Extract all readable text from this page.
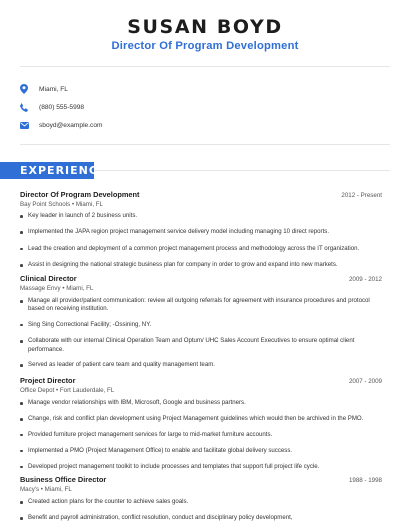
SUSAN BOYD
Director Of Program Development
Miami, FL
(880) 555-5998
sboyd@example.com
EXPERIENCE
Director Of Program Development	2012 - Present
Bay Point Schools • Miami, FL
Key leader in launch of 2 business units.
Implemented the JAPA region project management service delivery model including managing 10 direct reports.
Lead the creation and deployment of a common project management process and methodology across the IT organization.
Assist in designing the national strategic business plan for company in order to grow and expand into new markets.
Clinical Director	2009 - 2012
Massage Envy • Miami, FL
Manage all provider/patient communication: review all outgoing referrals for agreement with insurance procedures and protocol based on receiving institution.
Sing Sing Correctional Facility; -Ossining, NY.
Collaborate with our internal Clinical Operation Team and Optum/ UHC Sales Account Executives to ensure optimal client performance.
Served as leader of patient care team and quality management team.
Project Director	2007 - 2009
Office Depot • Fort Lauderdale, FL
Manage vendor relationships with IBM, Microsoft, Google and business partners.
Change, risk and conflict plan development using Project Management guidelines which would then be archived in the PMO.
Provided furniture project management services for large to mid-market furniture accounts.
Implemented a PMO (Project Management Office) to enable and facilitate global delivery success.
Developed project management toolkit to include processes and templates that support full project life cycle.
Business Office Director	1988 - 1998
Macy's • Miami, FL
Created action plans for the counter to achieve sales goals.
Benefit and payroll administration, conflict resolution, conduct and disciplinary policy development,
